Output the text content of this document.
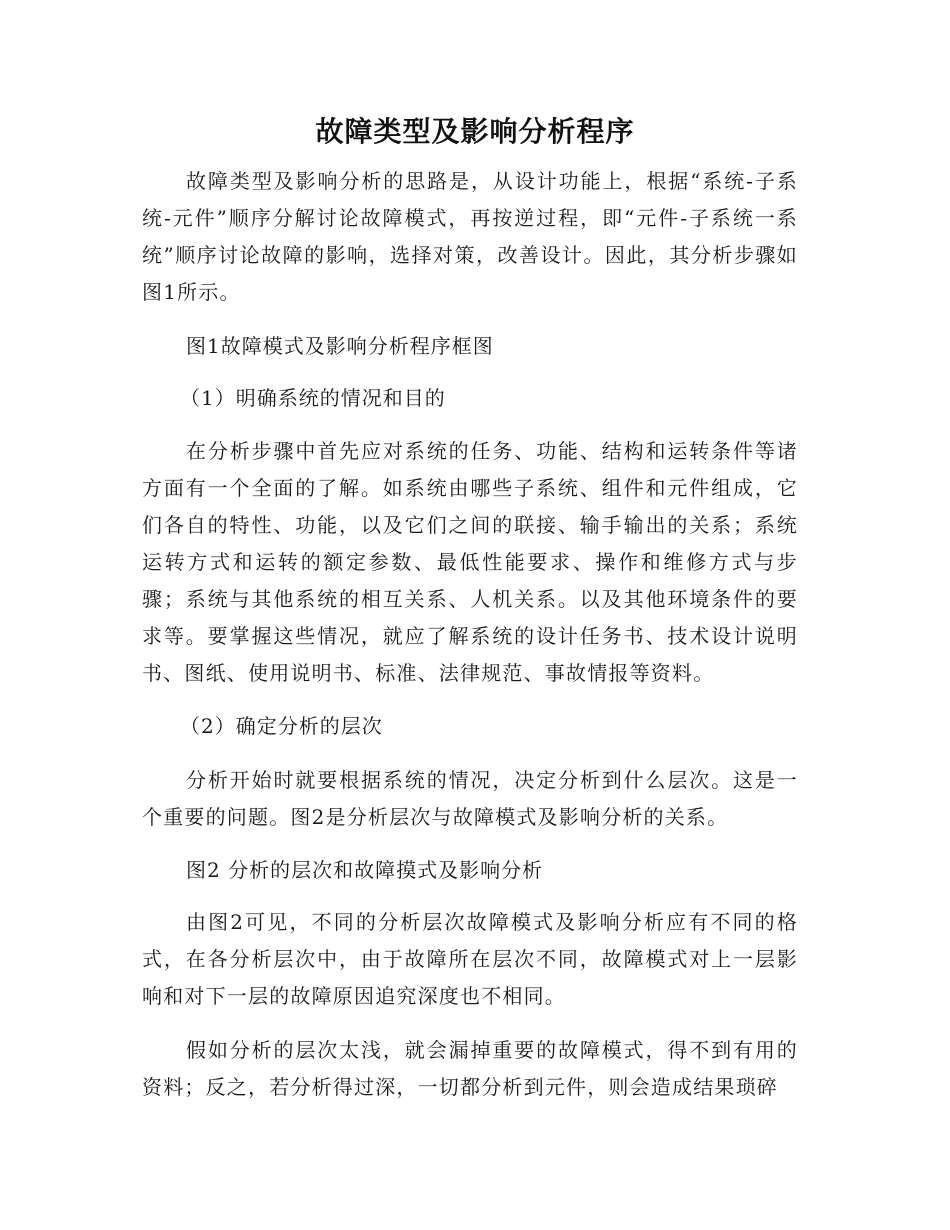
故障类型及影响分析程序

故障类型及影响分析的思路是，从设计功能上，根据“系统-子系统-元件”顺序分解讨论故障模式，再按逆过程，即“元件-子系统一系统”顺序讨论故障的影响，选择对策，改善设计。因此，其分析步骤如图1所示。

图1故障模式及影响分析程序框图

（1）明确系统的情况和目的

在分析步骤中首先应对系统的任务、功能、结构和运转条件等诸方面有一个全面的了解。如系统由哪些子系统、组件和元件组成，它们各自的特性、功能，以及它们之间的联接、输手输出的关系；系统运转方式和运转的额定参数、最低性能要求、操作和维修方式与步骤；系统与其他系统的相互关系、人机关系。以及其他环境条件的要求等。要掌握这些情况，就应了解系统的设计任务书、技术设计说明书、图纸、使用说明书、标准、法律规范、事故情报等资料。

（2）确定分析的层次

分析开始时就要根据系统的情况，决定分析到什么层次。这是一个重要的问题。图2是分析层次与故障模式及影响分析的关系。

图2 分析的层次和故障摸式及影响分析

由图2可见，不同的分析层次故障模式及影响分析应有不同的格式，在各分析层次中，由于故障所在层次不同，故障模式对上一层影响和对下一层的故障原因追究深度也不相同。

假如分析的层次太浅，就会漏掉重要的故障模式，得不到有用的资料；反之，若分析得过深，一切都分析到元件，则会造成结果琐碎
